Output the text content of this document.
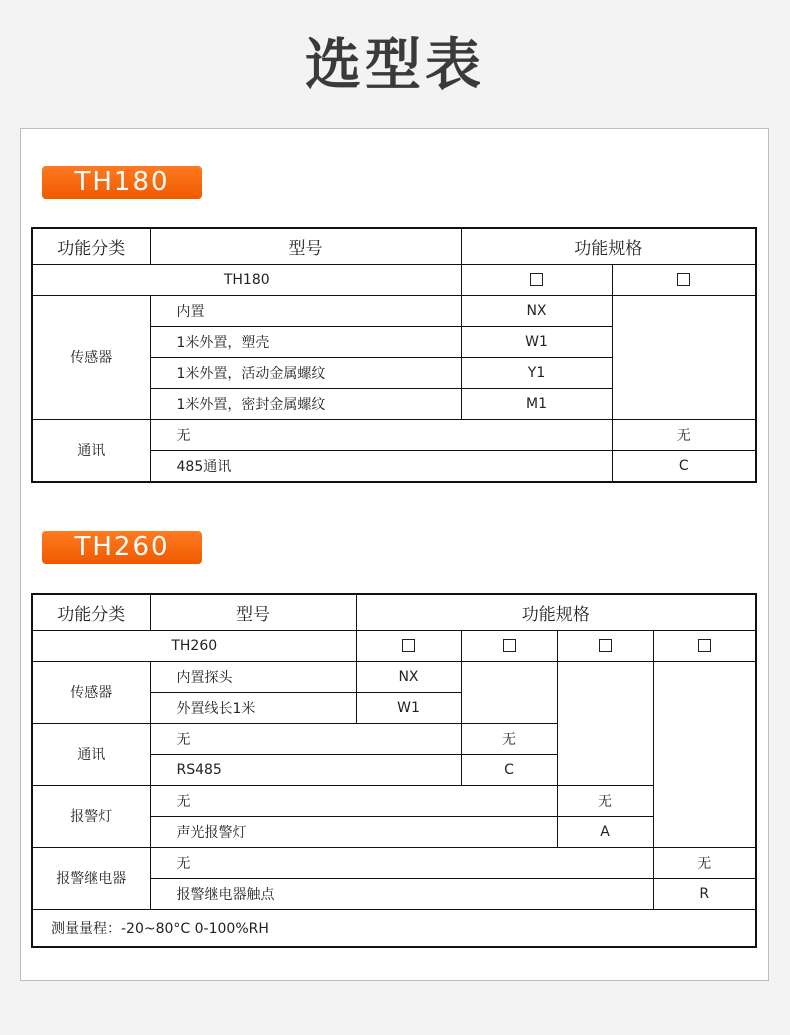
选型表
TH180
功能分类	型号	功能规格	
TH180			
传感器	内置	NX	
	1米外置，塑壳	W1	
	1米外置，活动金属螺纹	Y1	
	1米外置，密封金属螺纹	M1	
通讯	无		无
	485通讯		C
TH260
功能分类	型号	功能规格			
TH260					
传感器	内置探头	NX			
	外置线长1米	W1			
通讯	无		无		
	RS485		C		
报警灯	无			无	
	声光报警灯			A	
报警继电器	无				无
	报警继电器触点				R
测量量程：-20~80°C 0-100%RH					
